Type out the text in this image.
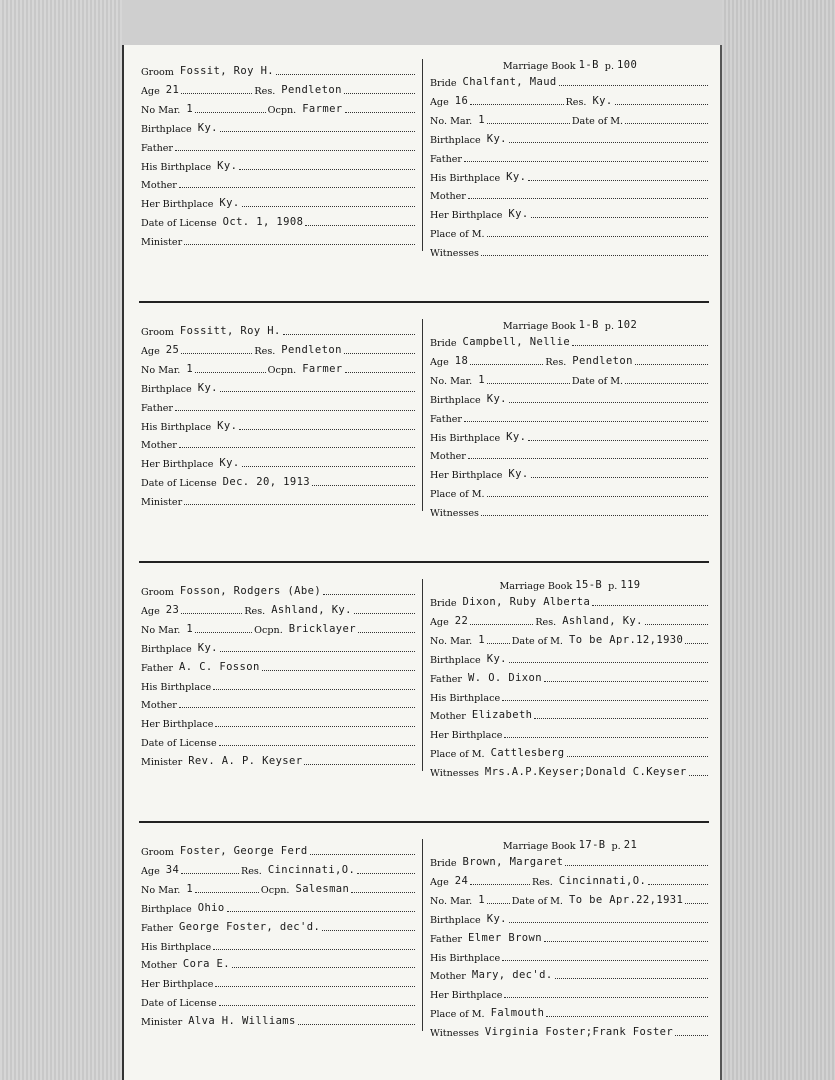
Groom Fossit, Roy H.
Age 21	Res. Pendleton
No Mar. 1	Ocpn. Farmer
Birthplace Ky.
Father
His Birthplace Ky.
Mother
Her Birthplace Ky.
Date of License Oct. 1, 1908
Minister
Marriage Book 1-B p. 100
Bride Chalfant, Maud
Age 16	Res. Ky.
No. Mar. 1	Date of M.
Birthplace Ky.
Father
His Birthplace Ky.
Mother
Her Birthplace Ky.
Place of M.
Witnesses
Groom Fossitt, Roy H.
Age 25	Res. Pendleton
No Mar. 1	Ocpn. Farmer
Birthplace Ky.
Father
His Birthplace Ky.
Mother
Her Birthplace Ky.
Date of License Dec. 20, 1913
Minister
Marriage Book 1-B p. 102
Bride Campbell, Nellie
Age 18	Res. Pendleton
No. Mar. 1	Date of M.
Birthplace Ky.
Father
His Birthplace Ky.
Mother
Her Birthplace Ky.
Place of M.
Witnesses
Groom Fosson, Rodgers (Abe)
Age 23	Res. Ashland, Ky.
No Mar. 1	Ocpn. Bricklayer
Birthplace Ky.
Father A. C. Fosson
His Birthplace
Mother
Her Birthplace
Date of License
Minister Rev. A. P. Keyser
Marriage Book 15-B p. 119
Bride Dixon, Ruby Alberta
Age 22	Res. Ashland, Ky.
No. Mar. 1	Date of M. To be Apr.12,1930
Birthplace Ky.
Father W. O. Dixon
His Birthplace
Mother Elizabeth
Her Birthplace
Place of M. Cattlesberg
Witnesses Mrs.A.P.Keyser;Donald C.Keyser
Groom Foster, George Ferd
Age 34	Res. Cincinnati,O.
No Mar. 1	Ocpn. Salesman
Birthplace Ohio
Father George Foster, dec'd.
His Birthplace
Mother Cora E.
Her Birthplace
Date of License
Minister Alva H. Williams
Marriage Book 17-B p. 21
Bride Brown, Margaret
Age 24	Res. Cincinnati,O.
No. Mar. 1	Date of M. To be Apr.22,1931
Birthplace Ky.
Father Elmer Brown
His Birthplace
Mother Mary, dec'd.
Her Birthplace
Place of M. Falmouth
Witnesses Virginia Foster;Frank Foster
